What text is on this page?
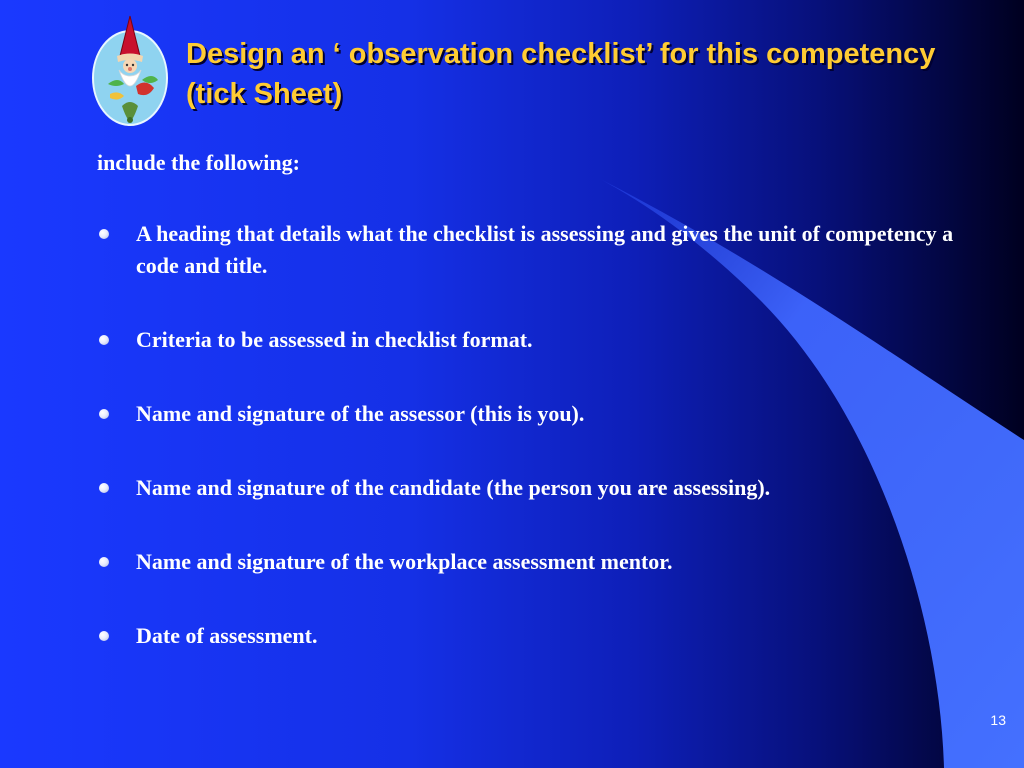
Design an ‘ observation checklist’ for this competency (tick Sheet)

include the following:

A heading that details what the checklist is assessing and gives the unit of competency a code and title.
Criteria to be assessed in checklist format.
Name and signature of the assessor (this is you).
Name and signature of the candidate (the person you are assessing).
Name and signature of the workplace assessment mentor.
Date of assessment.
13
